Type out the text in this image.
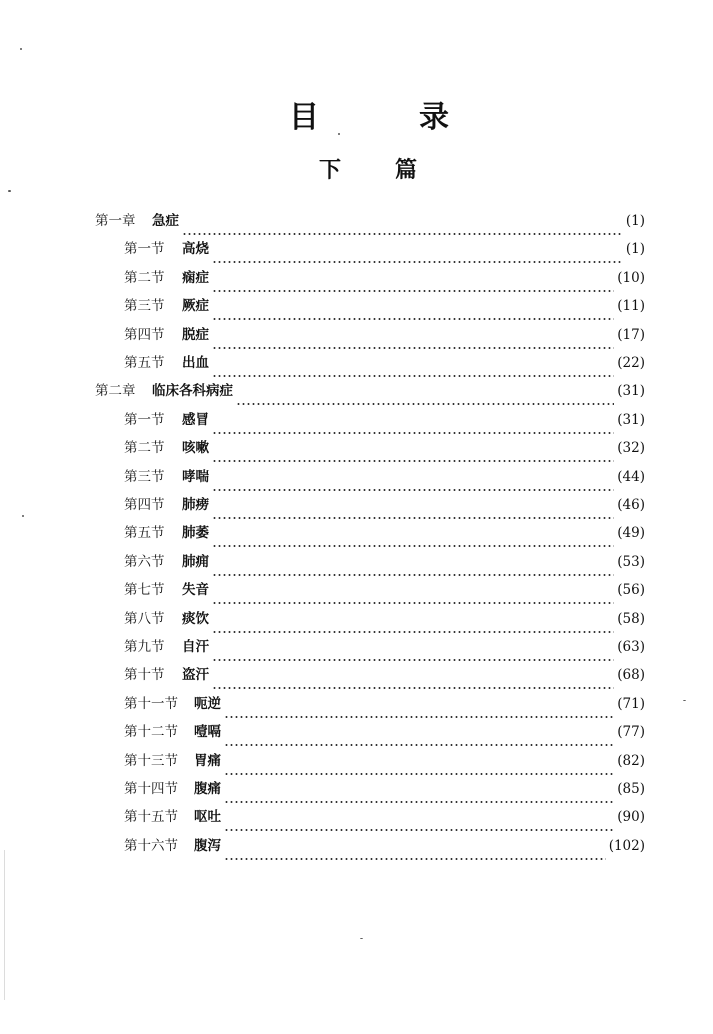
目	录
下 篇
第一章	急症	(1)
第一节	高烧	(1)
第二节	痫症	(10)
第三节	厥症	(11)
第四节	脱症	(17)
第五节	出血	(22)
第二章	临床各科病症	(31)
第一节	感冒	(31)
第二节	咳嗽	(32)
第三节	哮喘	(44)
第四节	肺痨	(46)
第五节	肺萎	(49)
第六节	肺痈	(53)
第七节	失音	(56)
第八节	痰饮	(58)
第九节	自汗	(63)
第十节	盗汗	(68)
第十一节	呃逆	(71)
第十二节	噎嗝	(77)
第十三节	胃痛	(82)
第十四节	腹痛	(85)
第十五节	呕吐	(90)
第十六节	腹泻	(102)
